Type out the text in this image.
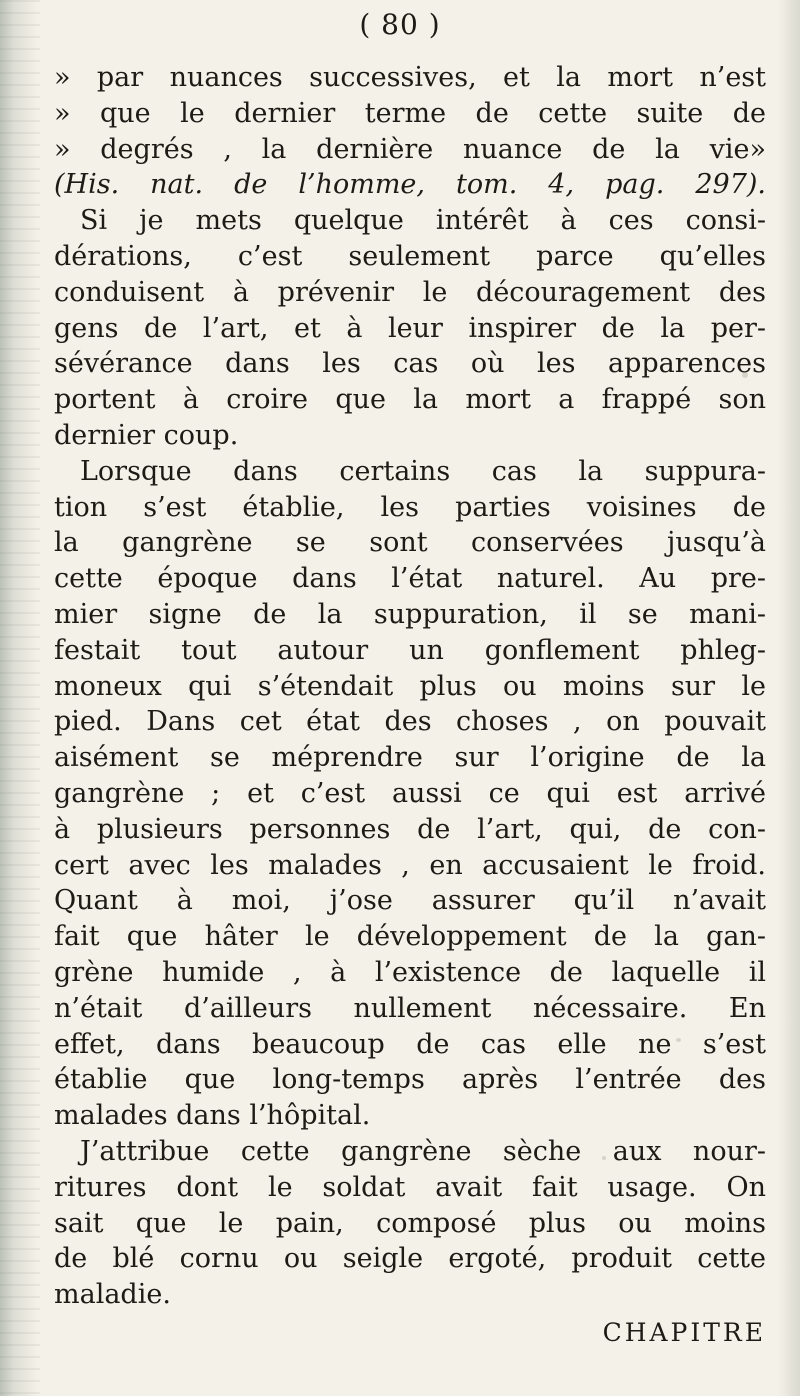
( 80 )
» par nuances successives, et la mort n’est
» que le dernier terme de cette suite de
» degrés , la dernière nuance de la vie»
(His. nat. de l’homme, tom. 4, pag. 297).
Si je mets quelque intérêt à ces consi-
dérations, c’est seulement parce qu’elles
conduisent à prévenir le découragement des
gens de l’art, et à leur inspirer de la per-
sévérance dans les cas où les apparences
portent à croire que la mort a frappé son
dernier coup.
Lorsque dans certains cas la suppura-
tion s’est établie, les parties voisines de
la gangrène se sont conservées jusqu’à
cette époque dans l’état naturel. Au pre-
mier signe de la suppuration, il se mani-
festait tout autour un gonflement phleg-
moneux qui s’étendait plus ou moins sur le
pied. Dans cet état des choses , on pouvait
aisément se méprendre sur l’origine de la
gangrène ; et c’est aussi ce qui est arrivé
à plusieurs personnes de l’art, qui, de con-
cert avec les malades , en accusaient le froid.
Quant à moi, j’ose assurer qu’il n’avait
fait que hâter le développement de la gan-
grène humide , à l’existence de laquelle il
n’était d’ailleurs nullement nécessaire. En
effet, dans beaucoup de cas elle ne s’est
établie que long-temps après l’entrée des
malades dans l’hôpital.
J’attribue cette gangrène sèche aux nour-
ritures dont le soldat avait fait usage. On
sait que le pain, composé plus ou moins
de blé cornu ou seigle ergoté, produit cette
maladie.
CHAPITRE
